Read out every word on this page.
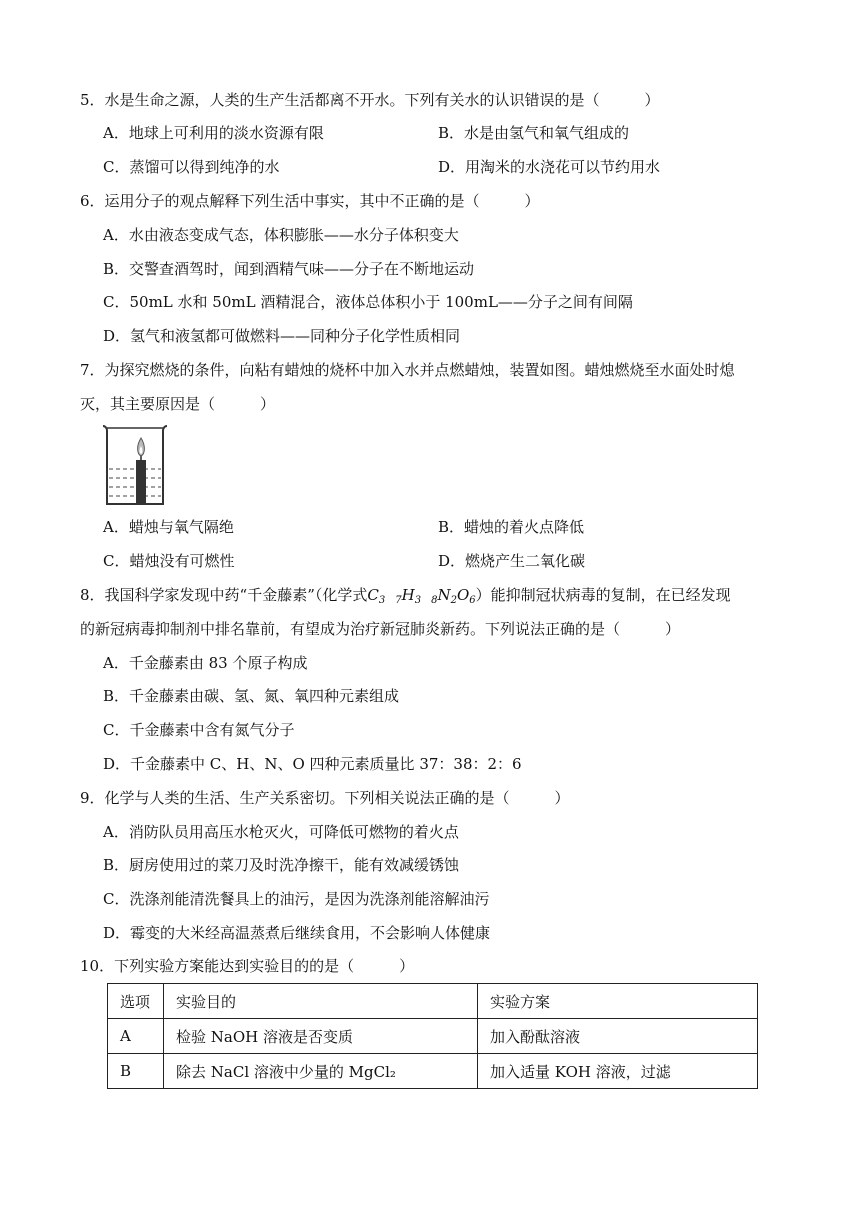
5．水是生命之源，人类的生产生活都离不开水。下列有关水的认识错误的是（　　　）
A．地球上可利用的淡水资源有限	B．水是由氢气和氧气组成的
C．蒸馏可以得到纯净的水	D．用淘米的水浇花可以节约用水
6．运用分子的观点解释下列生活中事实，其中不正确的是（　　　）
A．水由液态变成气态，体积膨胀——水分子体积变大
B．交警查酒驾时，闻到酒精气味——分子在不断地运动
C．50mL 水和 50mL 酒精混合，液体总体积小于 100mL——分子之间有间隔
D．氢气和液氢都可做燃料——同种分子化学性质相同
7．为探究燃烧的条件，向粘有蜡烛的烧杯中加入水并点燃蜡烛，装置如图。蜡烛燃烧至水面处时熄
灭，其主要原因是（　　　）
A．蜡烛与氧气隔绝	B．蜡烛的着火点降低
C．蜡烛没有可燃性	D．燃烧产生二氧化碳
8．我国科学家发现中药“千金藤素”（化学式$C_{3 7}H_{3 8}N_2O_6$）能抑制冠状病毒的复制，在已经发现
的新冠病毒抑制剂中排名靠前，有望成为治疗新冠肺炎新药。下列说法正确的是（　　　）
A．千金藤素由 83 个原子构成
B．千金藤素由碳、氢、氮、氧四种元素组成
C．千金藤素中含有氮气分子
D．千金藤素中 C、H、N、O 四种元素质量比 37：38：2：6
9．化学与人类的生活、生产关系密切。下列相关说法正确的是（　　　）
A．消防队员用高压水枪灭火，可降低可燃物的着火点
B．厨房使用过的菜刀及时洗净擦干，能有效减缓锈蚀
C．洗涤剂能清洗餐具上的油污，是因为洗涤剂能溶解油污
D．霉变的大米经高温蒸煮后继续食用，不会影响人体健康
10．下列实验方案能达到实验目的的是（　　　）
选项	实验目的	实验方案
A	检验 NaOH 溶液是否变质	加入酚酞溶液
B	除去 NaCl 溶液中少量的 MgCl₂	加入适量 KOH 溶液，过滤
